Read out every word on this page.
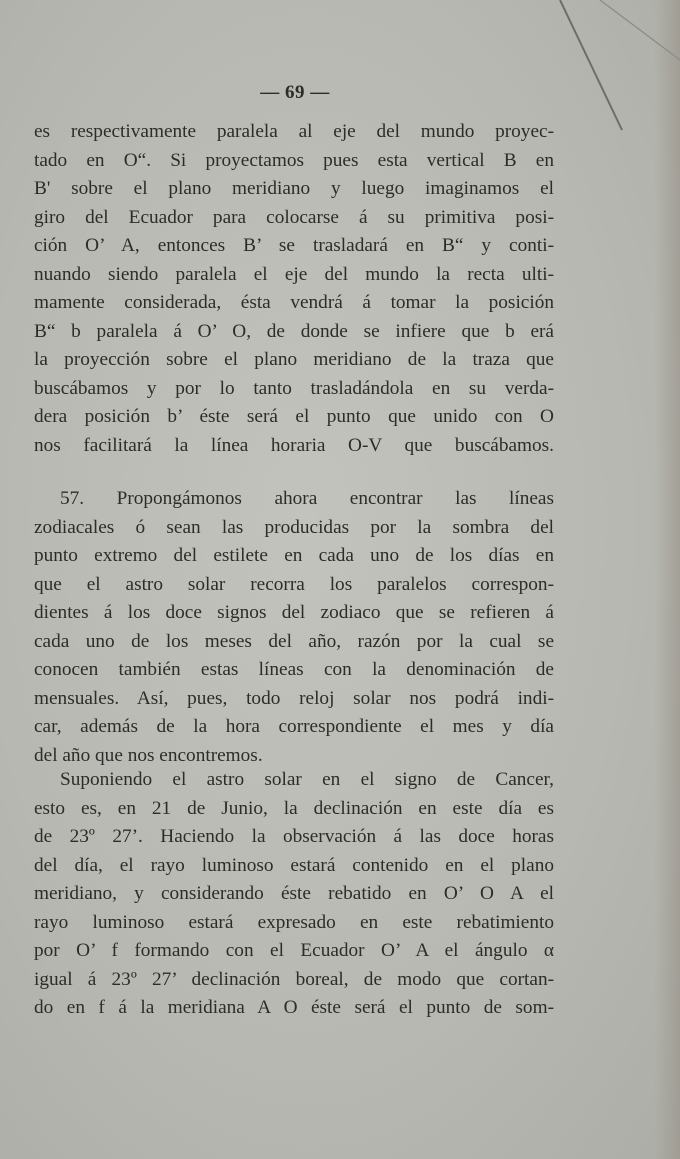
— 69 —
es respectivamente paralela al eje del mundo proyec-
tado en O“. Si proyectamos pues esta vertical B en
B' sobre el plano meridiano y luego imaginamos el
giro del Ecuador para colocarse á su primitiva posi-
ción O’ A, entonces B’ se trasladará en B“ y conti-
nuando siendo paralela el eje del mundo la recta ulti-
mamente considerada, ésta vendrá á tomar la posición
B“ b paralela á O’ O, de donde se infiere que b erá
la proyección sobre el plano meridiano de la traza que
buscábamos y por lo tanto trasladándola en su verda-
dera posición b’ éste será el punto que unido con O
nos facilitará la línea horaria O-V que buscábamos.
57. Propongámonos ahora encontrar las líneas
zodiacales ó sean las producidas por la sombra del
punto extremo del estilete en cada uno de los días en
que el astro solar recorra los paralelos correspon-
dientes á los doce signos del zodiaco que se refieren á
cada uno de los meses del año, razón por la cual se
conocen también estas líneas con la denominación de
mensuales. Así, pues, todo reloj solar nos podrá indi-
car, además de la hora correspondiente el mes y día
del año que nos encontremos.
Suponiendo el astro solar en el signo de Cancer,
esto es, en 21 de Junio, la declinación en este día es
de 23º 27’. Haciendo la observación á las doce horas
del día, el rayo luminoso estará contenido en el plano
meridiano, y considerando éste rebatido en O’ O A el
rayo luminoso estará expresado en este rebatimiento
por O’ f formando con el Ecuador O’ A el ángulo α
igual á 23º 27’ declinación boreal, de modo que cortan-
do en f á la meridiana A O éste será el punto de som-
